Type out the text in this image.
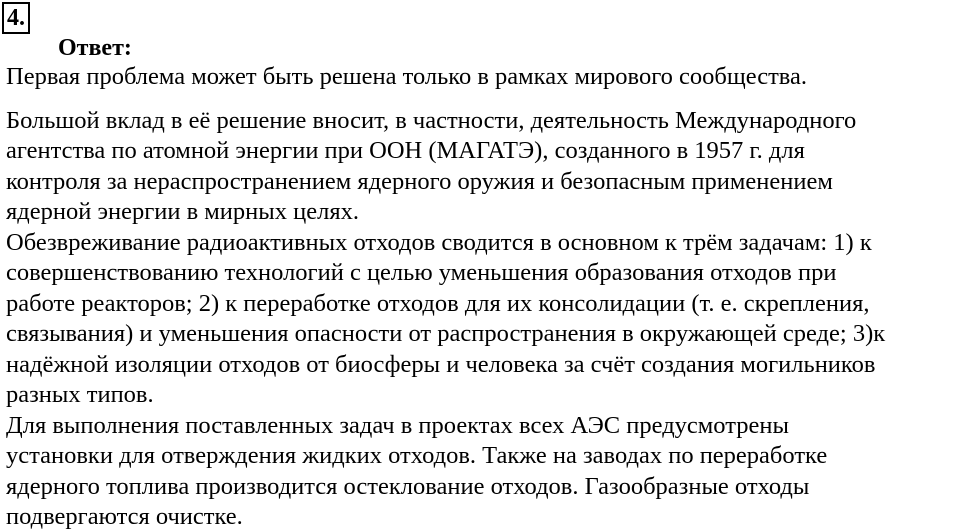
4.
Ответ:
Первая проблема может быть решена только в рамках мирового сообщества.
Большой вклад в её решение вносит, в частности, деятельность Международного
агентства по атомной энергии при ООН (МАГАТЭ), созданного в 1957 г. для
контроля за нераспространением ядерного оружия и безопасным применением
ядерной энергии в мирных целях.
Обезвреживание радиоактивных отходов сводится в основном к трём задачам: 1) к
совершенствованию технологий с целью уменьшения образования отходов при
работе реакторов; 2) к переработке отходов для их консолидации (т. е. скрепления,
связывания) и уменьшения опасности от распространения в окружающей среде; 3)к
надёжной изоляции отходов от биосферы и человека за счёт создания могильников
разных типов.
Для выполнения поставленных задач в проектах всех АЭС предусмотрены
установки для отверждения жидких отходов. Также на заводах по переработке
ядерного топлива производится остеклование отходов. Газообразные отходы
подвергаются очистке.
